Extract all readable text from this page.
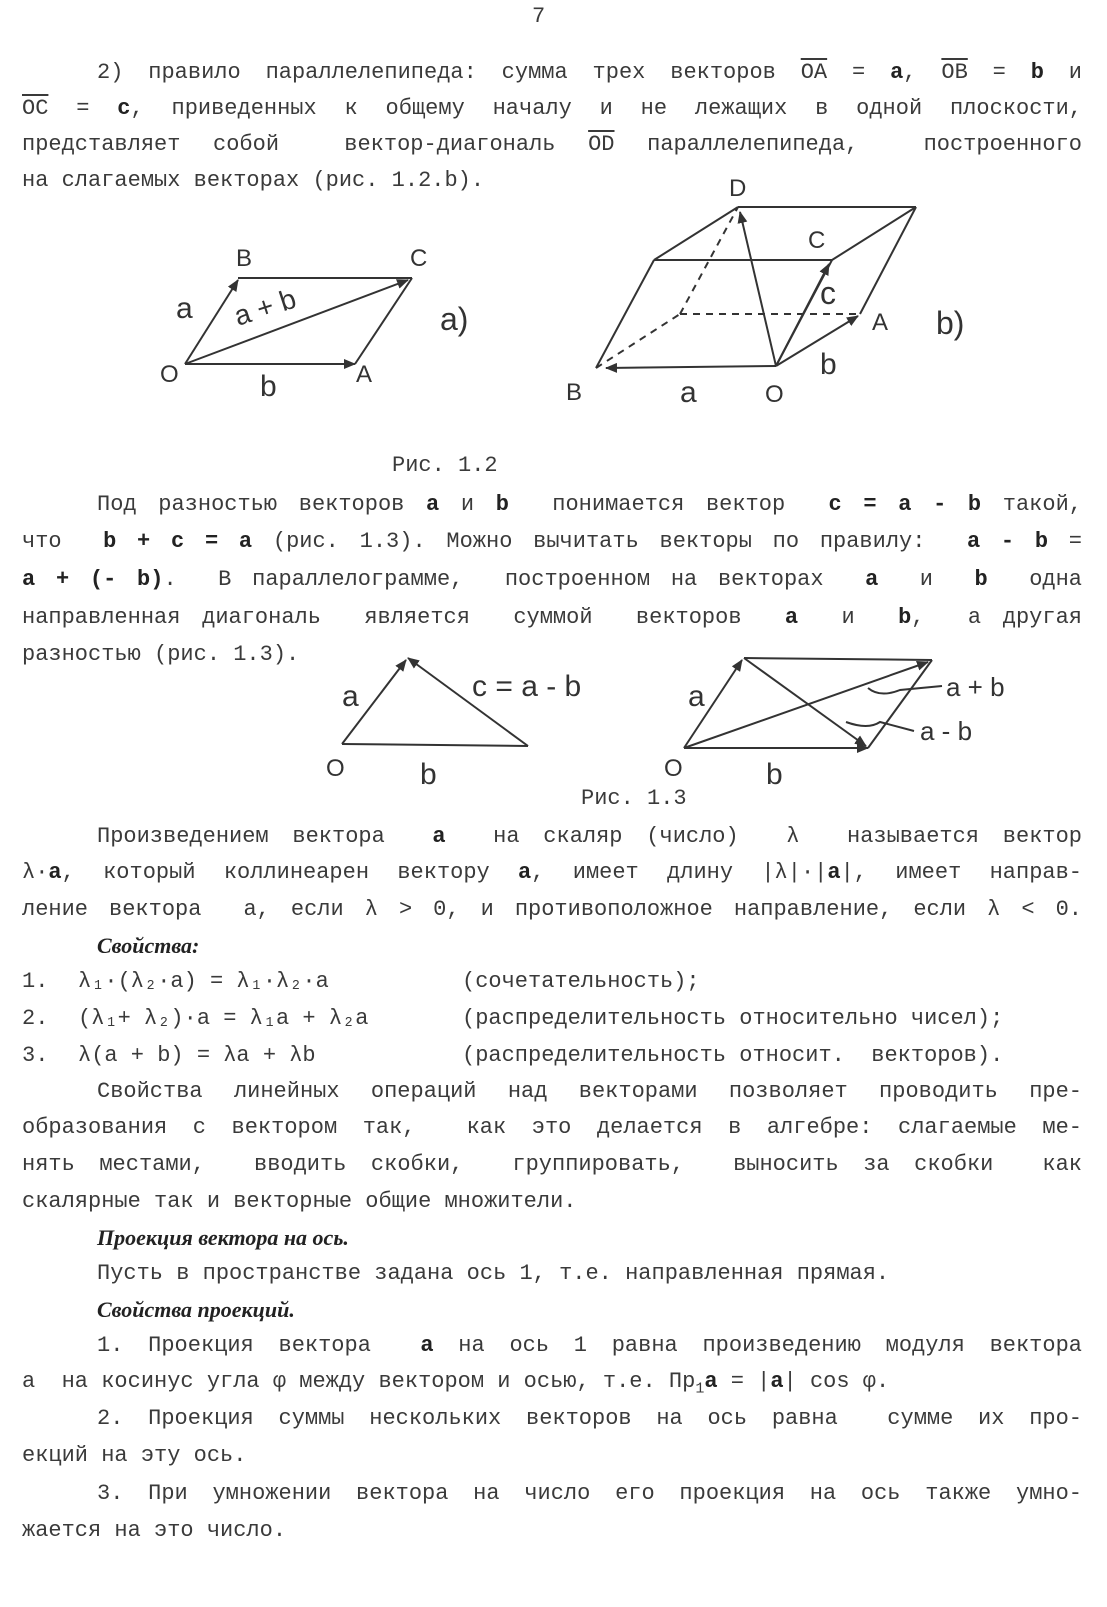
7
2) правило параллелепипеда: сумма трех векторов $\overline{OA} = a$, $\overline{OB} = b$ и
$\overline{OC} = c$, приведенных к общему началу и не лежащих в одной плоскости,
представляет собой  вектор-диагональ $\overline{OD}$ параллелепипеда,  построенного
на слагаемых векторах (рис. 1.2.b).
B	C
O	A
a
b
a + b	a)
D
C
c
A
B	a	O
b
b)
a	c = a - b
O	b
a	a + b
a - b
O	b
Рис. 1.2
Под разностью векторов a и b  понимается вектор  c = a - b такой,
что  b + c = a (рис. 1.3). Можно вычитать векторы по правилу:  a - b =
a + (- b).  В параллелограмме,  построенном на векторах  a  и  b  одна
направленная диагональ  является  суммой  векторов  a  и  b,  а другая
разностью (рис. 1.3).
Рис. 1.3
Произведением вектора  a  на скаляр (число)  λ  называется вектор
λ·a, который коллинеарен вектору a, имеет длину |λ|·|a|, имеет направ-
ление вектора  a, если λ > 0, и противоположное направление, если λ < 0.
Свойства:
1. λ₁·(λ₂·a) = λ₁·λ₂·a	(сочетательность);
2. (λ₁+ λ₂)·a = λ₁a + λ₂a	(распределительность относительно чисел);
3. λ(a + b) = λa + λb	(распределительность относит.  векторов).
Свойства линейных операций над векторами позволяет проводить пре-
образования с вектором так,  как это делается в алгебре: слагаемые ме-
нять местами,  вводить скобки,  группировать,  выносить за скобки  как
скалярные так и векторные общие множители.
Проекция вектора на ось.
Пусть в пространстве задана ось 1, т.е. направленная прямая.
Свойства проекций.
1. Проекция вектора  a на ось 1 равна произведению модуля вектора
a  на косинус угла φ между вектором и осью, т.е. $Пр_1a = |a|$ cos φ.
2. Проекция суммы нескольких векторов на ось равна  сумме их про-
екций на эту ось.
3. При умножении вектора на число его проекция на ось также умно-
жается на это число.
